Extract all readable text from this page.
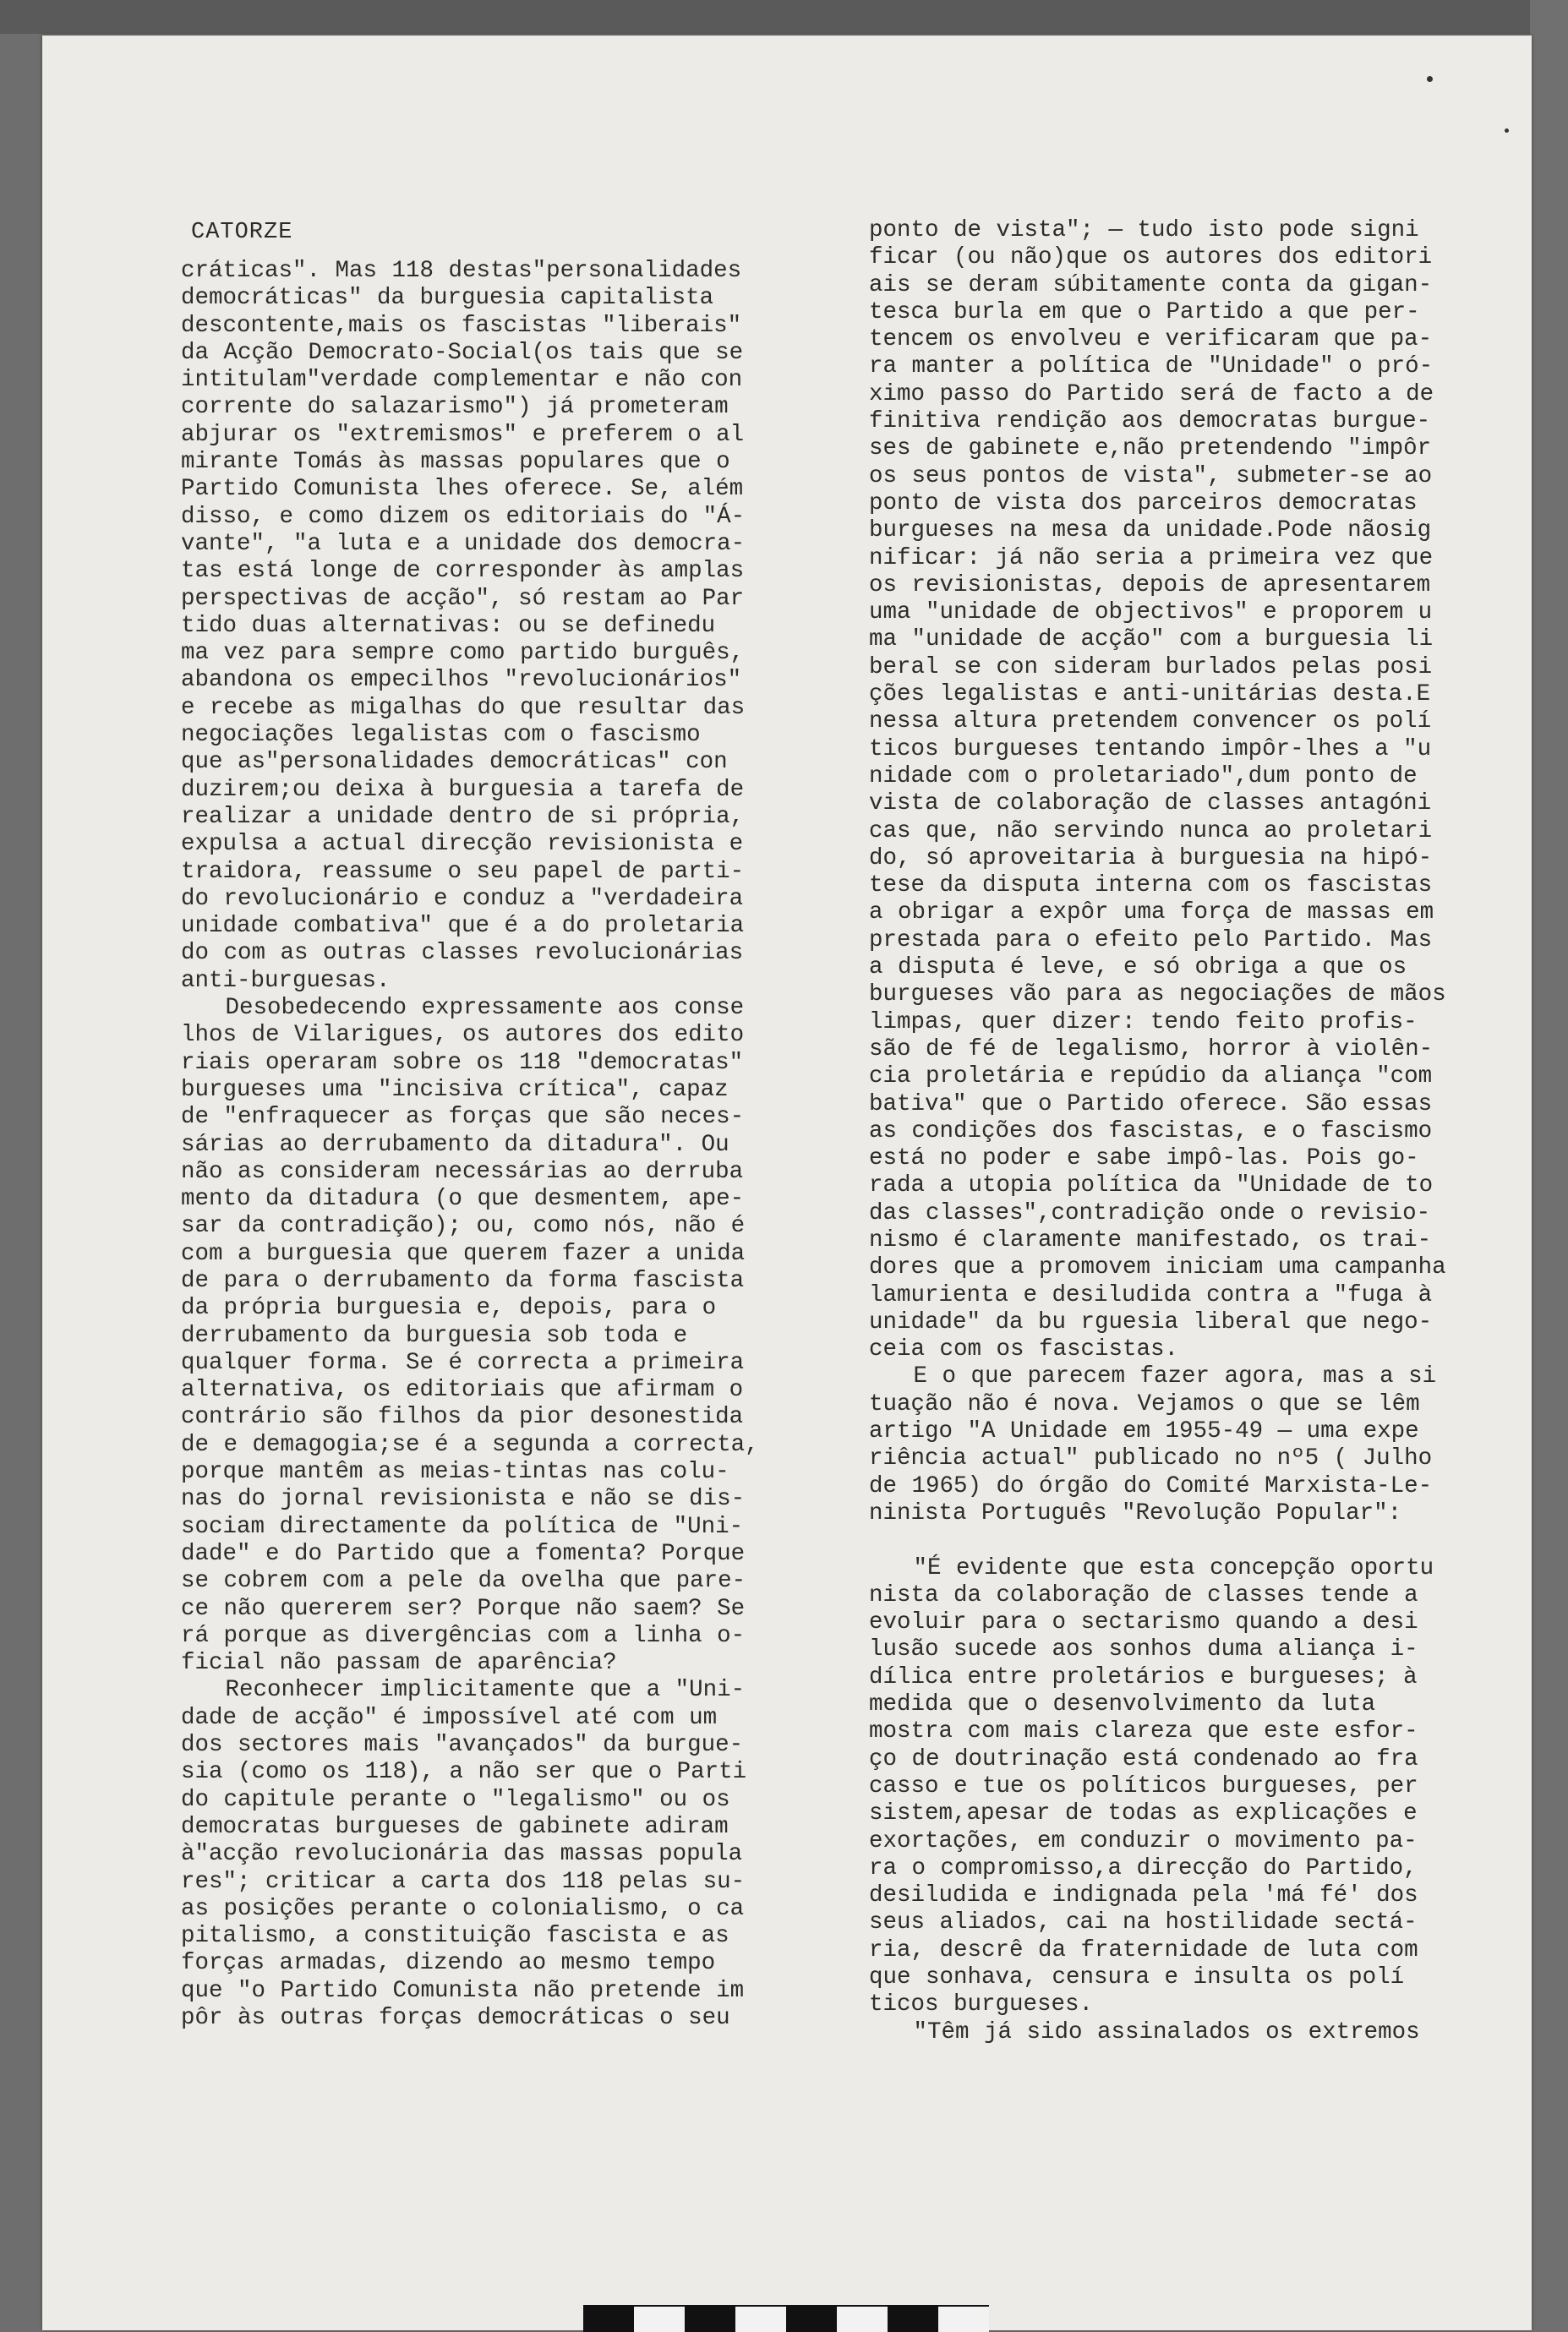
CATORZE
cráticas". Mas 118 destas"personalidades
democráticas" da burguesia capitalista
descontente,mais os fascistas "liberais"
da Acção Democrato-Social(os tais que se
intitulam"verdade complementar e não con
corrente do salazarismo") já prometeram
abjurar os "extremismos" e preferem o al
mirante Tomás às massas populares que o
Partido Comunista lhes oferece. Se, além
disso, e como dizem os editoriais do "Á-
vante", "a luta e a unidade dos democra-
tas está longe de corresponder às amplas
perspectivas de acção", só restam ao Par
tido duas alternativas: ou se definedu
ma vez para sempre como partido burguês,
abandona os empecilhos "revolucionários"
e recebe as migalhas do que resultar das
negociações legalistas com o fascismo
que as"personalidades democráticas" con
duzirem;ou deixa à burguesia a tarefa de
realizar a unidade dentro de si própria,
expulsa a actual direcção revisionista e
traidora, reassume o seu papel de parti-
do revolucionário e conduz a "verdadeira
unidade combativa" que é a do proletaria
do com as outras classes revolucionárias
anti-burguesas.
Desobedecendo expressamente aos conse
lhos de Vilarigues, os autores dos edito
riais operaram sobre os 118 "democratas"
burgueses uma "incisiva crítica", capaz
de "enfraquecer as forças que são neces-
sárias ao derrubamento da ditadura". Ou
não as consideram necessárias ao derruba
mento da ditadura (o que desmentem, ape-
sar da contradição); ou, como nós, não é
com a burguesia que querem fazer a unida
de para o derrubamento da forma fascista
da própria burguesia e, depois, para o
derrubamento da burguesia sob toda e
qualquer forma. Se é correcta a primeira
alternativa, os editoriais que afirmam o
contrário são filhos da pior desonestida
de e demagogia;se é a segunda a correcta,
porque mantêm as meias-tintas nas colu-
nas do jornal revisionista e não se dis-
sociam directamente da política de "Uni-
dade" e do Partido que a fomenta? Porque
se cobrem com a pele da ovelha que pare-
ce não quererem ser? Porque não saem? Se
rá porque as divergências com a linha o-
ficial não passam de aparência?
Reconhecer implicitamente que a "Uni-
dade de acção" é impossível até com um
dos sectores mais "avançados" da burgue-
sia (como os 118), a não ser que o Parti
do capitule perante o "legalismo" ou os
democratas burgueses de gabinete adiram
à"acção revolucionária das massas popula
res"; criticar a carta dos 118 pelas su-
as posições perante o colonialismo, o ca
pitalismo, a constituição fascista e as
forças armadas, dizendo ao mesmo tempo
que "o Partido Comunista não pretende im
pôr às outras forças democráticas o seu
ponto de vista"; — tudo isto pode signi
ficar (ou não)que os autores dos editori
ais se deram súbitamente conta da gigan-
tesca burla em que o Partido a que per-
tencem os envolveu e verificaram que pa-
ra manter a política de "Unidade" o pró-
ximo passo do Partido será de facto a de
finitiva rendição aos democratas burgue-
ses de gabinete e,não pretendendo "impôr
os seus pontos de vista", submeter-se ao
ponto de vista dos parceiros democratas
burgueses na mesa da unidade.Pode nãosig
nificar: já não seria a primeira vez que
os revisionistas, depois de apresentarem
uma "unidade de objectivos" e proporem u
ma "unidade de acção" com a burguesia li
beral se con sideram burlados pelas posi
ções legalistas e anti-unitárias desta.E
nessa altura pretendem convencer os polí
ticos burgueses tentando impôr-lhes a "u
nidade com o proletariado",dum ponto de
vista de colaboração de classes antagóni
cas que, não servindo nunca ao proletari
do, só aproveitaria à burguesia na hipó-
tese da disputa interna com os fascistas
a obrigar a expôr uma força de massas em
prestada para o efeito pelo Partido. Mas
a disputa é leve, e só obriga a que os
burgueses vão para as negociações de mãos
limpas, quer dizer: tendo feito profis-
são de fé de legalismo, horror à violên-
cia proletária e repúdio da aliança "com
bativa" que o Partido oferece. São essas
as condições dos fascistas, e o fascismo
está no poder e sabe impô-las. Pois go-
rada a utopia política da "Unidade de to
das classes",contradição onde o revisio-
nismo é claramente manifestado, os trai-
dores que a promovem iniciam uma campanha
lamurienta e desiludida contra a "fuga à
unidade" da bu rguesia liberal que nego-
ceia com os fascistas.
E o que parecem fazer agora, mas a si
tuação não é nova. Vejamos o que se lêm
artigo "A Unidade em 1955-49 — uma expe
riência actual" publicado no nº5 ( Julho
de 1965) do órgão do Comité Marxista-Le-
ninista Português "Revolução Popular":

"É evidente que esta concepção oportu
nista da colaboração de classes tende a
evoluir para o sectarismo quando a desi
lusão sucede aos sonhos duma aliança i-
dílica entre proletários e burgueses; à
medida que o desenvolvimento da luta
mostra com mais clareza que este esfor-
ço de doutrinação está condenado ao fra
casso e tue os políticos burgueses, per
sistem,apesar de todas as explicações e
exortações, em conduzir o movimento pa-
ra o compromisso,a direcção do Partido,
desiludida e indignada pela 'má fé' dos
seus aliados, cai na hostilidade sectá-
ria, descrê da fraternidade de luta com
que sonhava, censura e insulta os polí
ticos burgueses.
"Têm já sido assinalados os extremos
